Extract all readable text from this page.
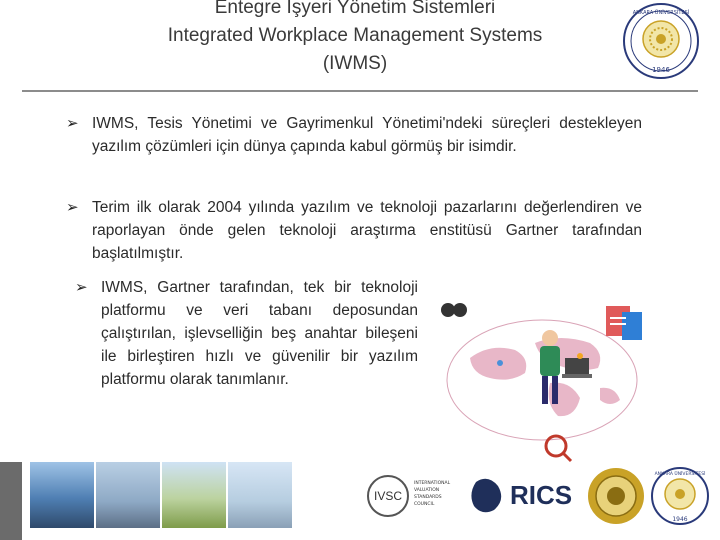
Entegre Işyeri Yönetim Sistemleri
Integrated Workplace Management Systems
(IWMS)	1946
ANKARA ÜNİVERSİTESİ
➢ IWMS, Tesis Yönetimi ve Gayrimenkul Yönetimi'ndeki süreçleri destekleyen yazılım çözümleri için dünya çapında kabul görmüş bir isimdir.
➢ Terim ilk olarak 2004 yılında yazılım ve teknoloji pazarlarını değerlendiren ve raporlayan önde gelen teknoloji araştırma enstitüsü Gartner tarafından başlatılmıştır.
➢ IWMS, Gartner tarafından, tek bir teknoloji platformu ve veri tabanı deposundan çalıştırılan, işlevselliğin beş anahtar bileşeni ile birleştiren hızlı ve güvenilir bir yazılım platformu olarak tanımlanır.
IVSC
INTERNATIONAL
VALUATION
STANDARDS
COUNCIL	RICS
1946
ANKARA ÜNİVERSİTESİ
